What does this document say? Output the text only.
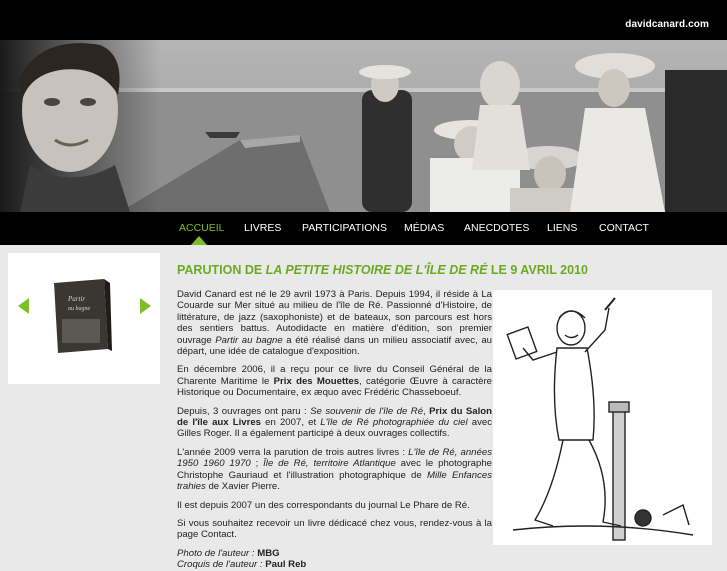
davidcanard.com
ACCUEIL LIVRES PARTICIPATIONS MÉDIAS ANECDOTES LIENS CONTACT
Partir
au bagne
PARUTION DE LA PETITE HISTOIRE DE L'ÎLE DE RÉ LE 9 AVRIL 2010

David Canard est né le 29 avril 1973 à Paris. Depuis 1994, il réside à La Couarde sur Mer situé au milieu de l'île de Ré. Passionné d'Histoire, de littérature, de jazz (saxophoniste) et de bateaux, son parcours est hors des sentiers battus. Autodidacte en matière d'édition, son premier ouvrage Partir au bagne a été réalisé dans un milieu associatif avec, au départ, une idée de catalogue d'exposition.

En décembre 2006, il a reçu pour ce livre du Conseil Général de la Charente Maritime le Prix des Mouettes, catégorie Œuvre à caractère Historique ou Documentaire, ex æquo avec Frédéric Chasseboeuf.

Depuis, 3 ouvrages ont paru : Se souvenir de l'île de Ré, Prix du Salon de l'île aux Livres en 2007, et L'île de Ré photographiée du ciel avec Gilles Roger. Il a également participé à deux ouvrages collectifs.

L'année 2009 verra la parution de trois autres livres : L'île de Ré, années 1950 1960 1970 ; Île de Ré, territoire Atlantique avec le photographe Christophe Gauriaud et l'illustration photographique de Mille Enfances trahies de Xavier Pierre.

Il est depuis 2007 un des correspondants du journal Le Phare de Ré.

Si vous souhaitez recevoir un livre dédicacé chez vous, rendez-vous à la page Contact.

Photo de l'auteur : MBG
Croquis de l'auteur : Paul Reb
